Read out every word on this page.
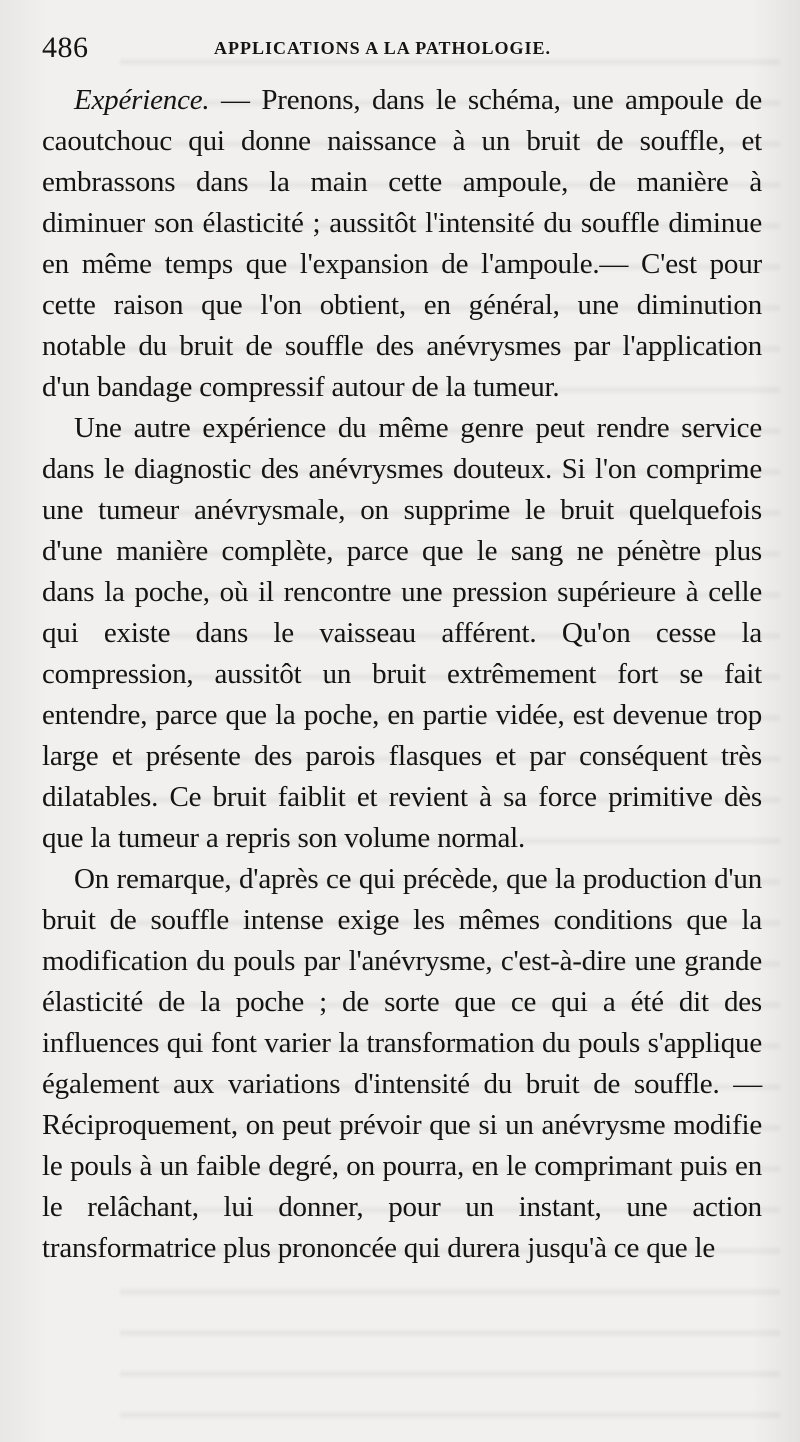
486	APPLICATIONS A LA PATHOLOGIE.

Expérience. — Prenons, dans le schéma, une ampoule de caoutchouc qui donne naissance à un bruit de souffle, et embrassons dans la main cette ampoule, de manière à diminuer son élasticité ; aussitôt l'intensité du souffle diminue en même temps que l'expansion de l'ampoule.— C'est pour cette raison que l'on obtient, en général, une diminution notable du bruit de souffle des anévrysmes par l'application d'un bandage compressif autour de la tumeur.

Une autre expérience du même genre peut rendre service dans le diagnostic des anévrysmes douteux. Si l'on comprime une tumeur anévrysmale, on supprime le bruit quelquefois d'une manière complète, parce que le sang ne pénètre plus dans la poche, où il rencontre une pression supérieure à celle qui existe dans le vaisseau afférent. Qu'on cesse la compression, aussitôt un bruit extrêmement fort se fait entendre, parce que la poche, en partie vidée, est devenue trop large et présente des parois flasques et par conséquent très dilatables. Ce bruit faiblit et revient à sa force primitive dès que la tumeur a repris son volume normal.

On remarque, d'après ce qui précède, que la production d'un bruit de souffle intense exige les mêmes conditions que la modification du pouls par l'anévrysme, c'est-à-dire une grande élasticité de la poche ; de sorte que ce qui a été dit des influences qui font varier la transformation du pouls s'applique également aux variations d'intensité du bruit de souffle. — Réciproquement, on peut prévoir que si un anévrysme modifie le pouls à un faible degré, on pourra, en le comprimant puis en le relâchant, lui donner, pour un instant, une action transformatrice plus prononcée qui durera jusqu'à ce que le
